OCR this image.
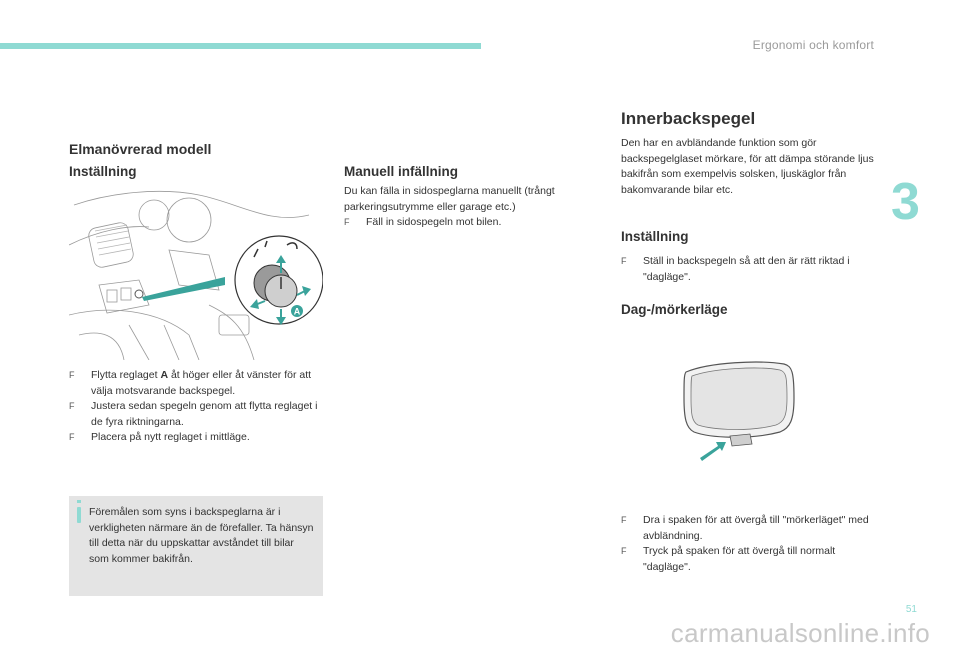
Ergonomi och komfort
3
Elmanövrerad modell
Inställning
A
F Flytta reglaget A åt höger eller åt vänster för att välja motsvarande backspegel.
F Justera sedan spegeln genom att flytta reglaget i de fyra riktningarna.
F Placera på nytt reglaget i mittläge.
Föremålen som syns i backspeglarna är i verkligheten närmare än de förefaller. Ta hänsyn till detta när du uppskattar avståndet till bilar som kommer bakifrån.
Manuell infällning

Du kan fälla in sidospeglarna manuellt (trångt parkeringsutrymme eller garage etc.)

F Fäll in sidospegeln mot bilen.
Innerbackspegel

Den har en avbländande funktion som gör backspegelglaset mörkare, för att dämpa störande ljus bakifrån som exempelvis solsken, ljuskäglor från bakomvarande bilar etc.

Inställning
F Ställ in backspegeln så att den är rätt riktad i "dagläge".
Dag-/mörkerläge
F Dra i spaken för att övergå till "mörkerläget" med avbländning.
F Tryck på spaken för att övergå till normalt "dagläge".
51
carmanualsonline.info
